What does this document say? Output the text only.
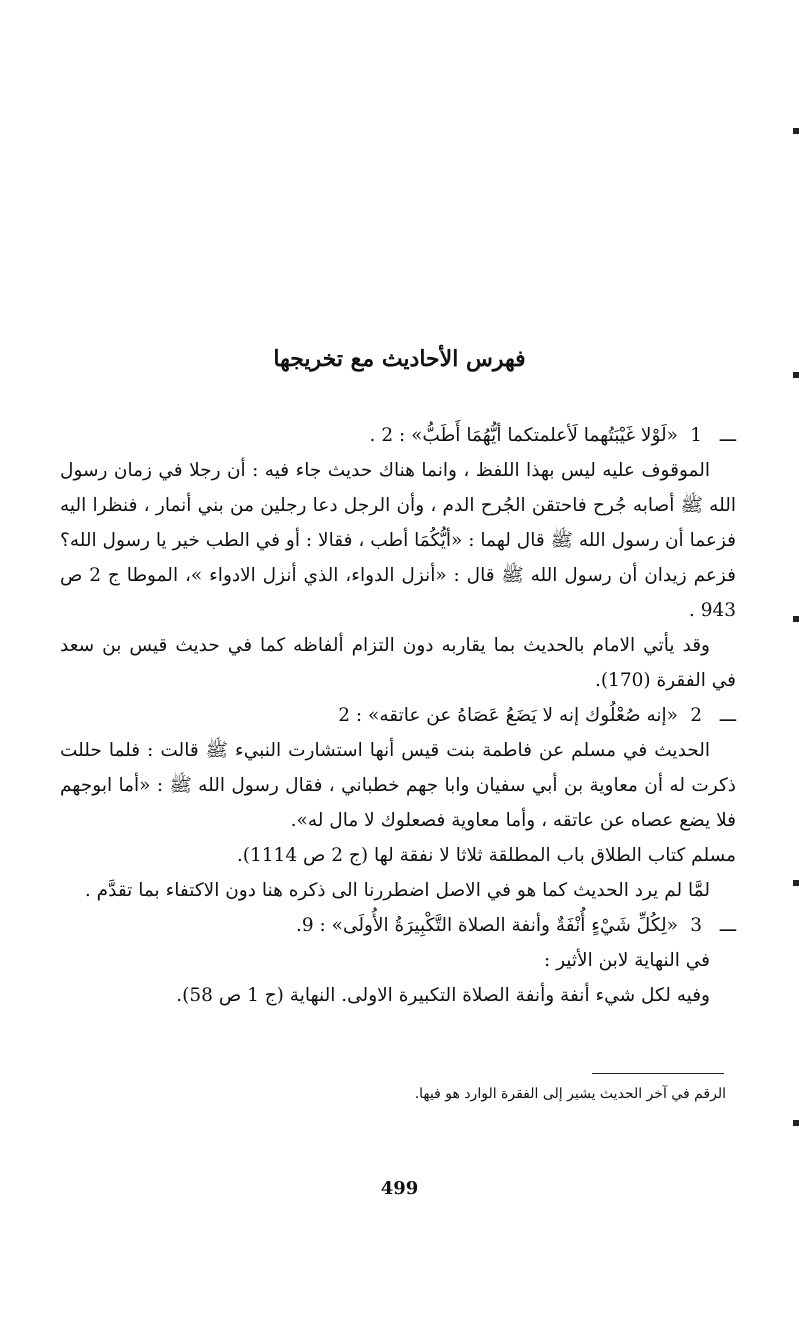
فهرس الأحاديث مع تخريجها
ـــ   1
«لَوْلا غَيْبَتُهما لَأعلمتكما أيُّهُمَا أَطَبُّ» : 2 .

الموقوف عليه ليس بهذا اللفظ ، وانما هناك حديث جاء فيه : أن رجلا في زمان رسول الله ﷺ أصابه جُرح فاحتقن الجُرح الدم ، وأن الرجل دعا رجلين من بني أنمار ، فنظرا اليه فزعما أن رسول الله ﷺ قال لهما : «أيُّكُمَا أطب ، فقالا : أو في الطب خير يا رسول الله؟ فزعم زيدان أن رسول الله ﷺ قال : «أنزل الدواء، الذي أنزل الادواء »، الموطا ج 2 ص 943 .

وقد يأتي الامام بالحديث بما يقاربه دون التزام ألفاظه كما في حديث قيس بن سعد في الفقرة (170).

ـــ   2
«إنه صُعْلُوك إنه لا يَضَعُ عَصَاهُ عن عاتقه» : 2

الحديث في مسلم عن فاطمة بنت قيس أنها استشارت النبيء ﷺ قالت : فلما حللت ذكرت له أن معاوية بن أبي سفيان وابا جهم خطباني ، فقال رسول الله ﷺ : «أما ابوجهم فلا يضع عصاه عن عاتقه ، وأما معاوية فصعلوك لا مال له».

مسلم كتاب الطلاق باب المطلقة ثلاثا لا نفقة لها (ج 2 ص 1114).

لمَّا لم يرد الحديث كما هو في الاصل اضطررنا الى ذكره هنا دون الاكتفاء بما تقدَّم .

ـــ   3
«لِكُلِّ شَيْءٍ أُنْفَةٌ وأنفة الصلاة التَّكْبِيرَةُ الأُولَى» : 9.

في النهاية لابن الأثير :

وفيه لكل شيء أنفة وأنفة الصلاة التكبيرة الاولى. النهاية (ج 1 ص 58).

الرقم في آخر الحديث يشير إلى الفقرة الوارد هو فيها.
499
